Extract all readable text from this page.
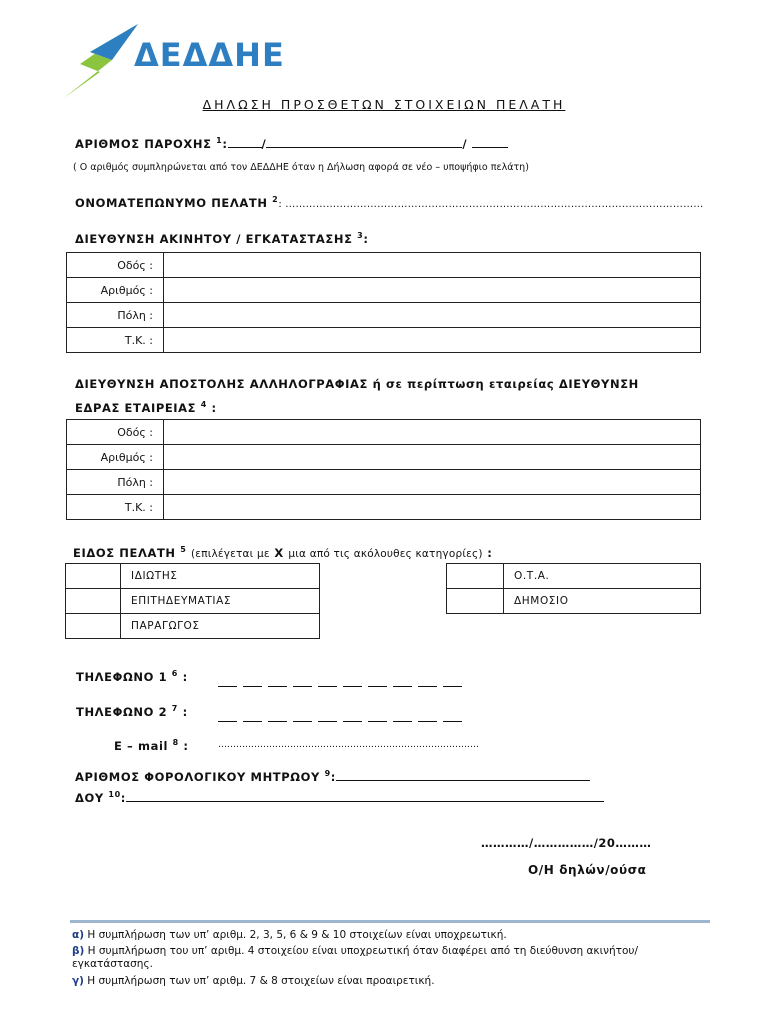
ΔΕΔΔΗΕ
ΔΗΛΩΣΗ ΠΡΟΣΘΕΤΩΝ ΣΤΟΙΧΕΙΩΝ ΠΕΛΑΤΗ
ΑΡΙΘΜΟΣ ΠΑΡΟΧΗΣ $^1$:	/	/
( Ο αριθμός συμπληρώνεται από τον ΔΕΔΔΗΕ όταν η Δήλωση αφορά σε νέο – υποψήφιο πελάτη)
ΟΝΟΜΑΤΕΠΩΝΥΜΟ ΠΕΛΑΤΗ $^2$: ……………………………………………………………………………………………………………
ΔΙΕΥΘΥΝΣΗ ΑΚΙΝΗΤΟΥ / ΕΓΚΑΤΑΣΤΑΣΗΣ $^3$:
Οδός :	
Αριθμός :	
Πόλη :	
Τ.Κ. :	
ΔΙΕΥΘΥΝΣΗ ΑΠΟΣΤΟΛΗΣ ΑΛΛΗΛΟΓΡΑΦΙΑΣ ή σε περίπτωση εταιρείας ΔΙΕΥΘΥΝΣΗ
ΕΔΡΑΣ ΕΤΑΙΡΕΙΑΣ $^4$ :
Οδός :	
Αριθμός :	
Πόλη :	
Τ.Κ. :	
ΕΙΔΟΣ ΠΕΛΑΤΗ $^5$ (επιλέγεται με Χ μια από τις ακόλουθες κατηγορίες) :
	ΙΔΙΩΤΗΣ
	ΕΠΙΤΗΔΕΥΜΑΤΙΑΣ
	ΠΑΡΑΓΩΓΟΣ
	Ο.Τ.Α.
	ΔΗΜΟΣΙΟ
ΤΗΛΕΦΩΝΟ 1 $^6$ :
ΤΗΛΕΦΩΝΟ 2 $^7$ :
E – mail $^8$ :	……………………………………………………………………………
ΑΡΙΘΜΟΣ ΦΟΡΟΛΟΓΙΚΟΥ ΜΗΤΡΩΟΥ $^9$:
ΔΟΥ $^{10}$:
…………/……………/20………
Ο/Η δηλών/ούσα
α) Η συμπλήρωση των υπ’ αριθμ. 2, 3, 5, 6 & 9 & 10 στοιχείων είναι υποχρεωτική.
β) Η συμπλήρωση του υπ’ αριθμ. 4 στοιχείου είναι υποχρεωτική όταν διαφέρει από τη διεύθυνση ακινήτου/εγκατάστασης.
γ) Η συμπλήρωση των υπ’ αριθμ. 7 & 8 στοιχείων είναι προαιρετική.
